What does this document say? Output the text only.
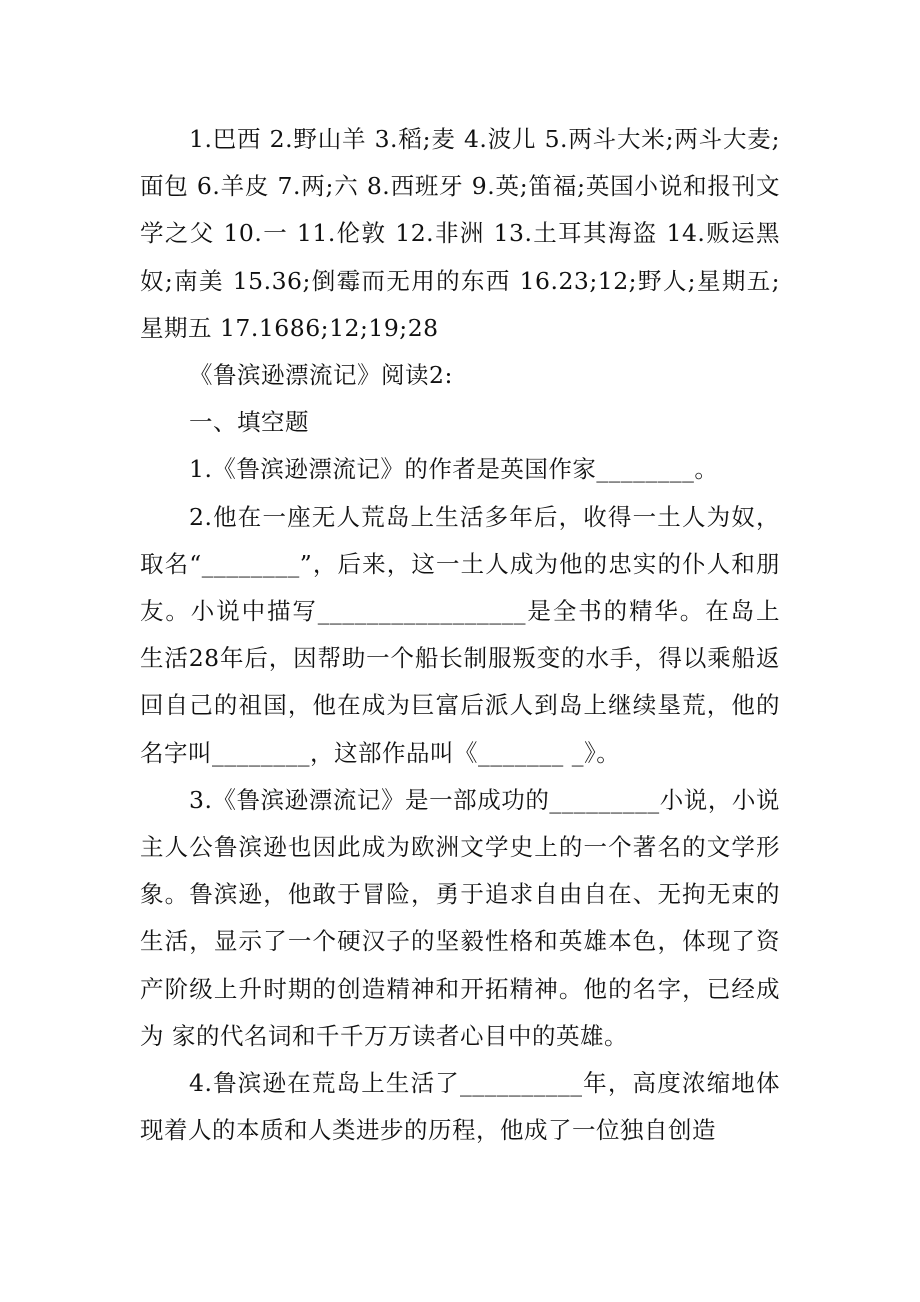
1.巴西 2.野山羊 3.稻;麦 4.波儿 5.两斗大米;两斗大麦;面包 6.羊皮 7.两;六 8.西班牙 9.英;笛福;英国小说和报刊文学之父 10.一 11.伦敦 12.非洲 13.土耳其海盗 14.贩运黑奴;南美 15.36;倒霉而无用的东西 16.23;12;野人;星期五;星期五 17.1686;12;19;28

《鲁滨逊漂流记》阅读2:

一、填空题

1.《鲁滨逊漂流记》的作者是英国作家________。

2.他在一座无人荒岛上生活多年后，收得一土人为奴，取名“________”，后来，这一土人成为他的忠实的仆人和朋友。小说中描写_________________是全书的精华。在岛上生活28年后，因帮助一个船长制服叛变的水手，得以乘船返回自己的祖国，他在成为巨富后派人到岛上继续垦荒，他的名字叫________，这部作品叫《_______ _》。

3.《鲁滨逊漂流记》是一部成功的_________小说，小说主人公鲁滨逊也因此成为欧洲文学史上的一个著名的文学形象。鲁滨逊，他敢于冒险，勇于追求自由自在、无拘无束的生活，显示了一个硬汉子的坚毅性格和英雄本色，体现了资产阶级上升时期的创造精神和开拓精神。他的名字，已经成为 家的代名词和千千万万读者心目中的英雄。

4.鲁滨逊在荒岛上生活了__________年，高度浓缩地体现着人的本质和人类进步的历程，他成了一位独自创造
